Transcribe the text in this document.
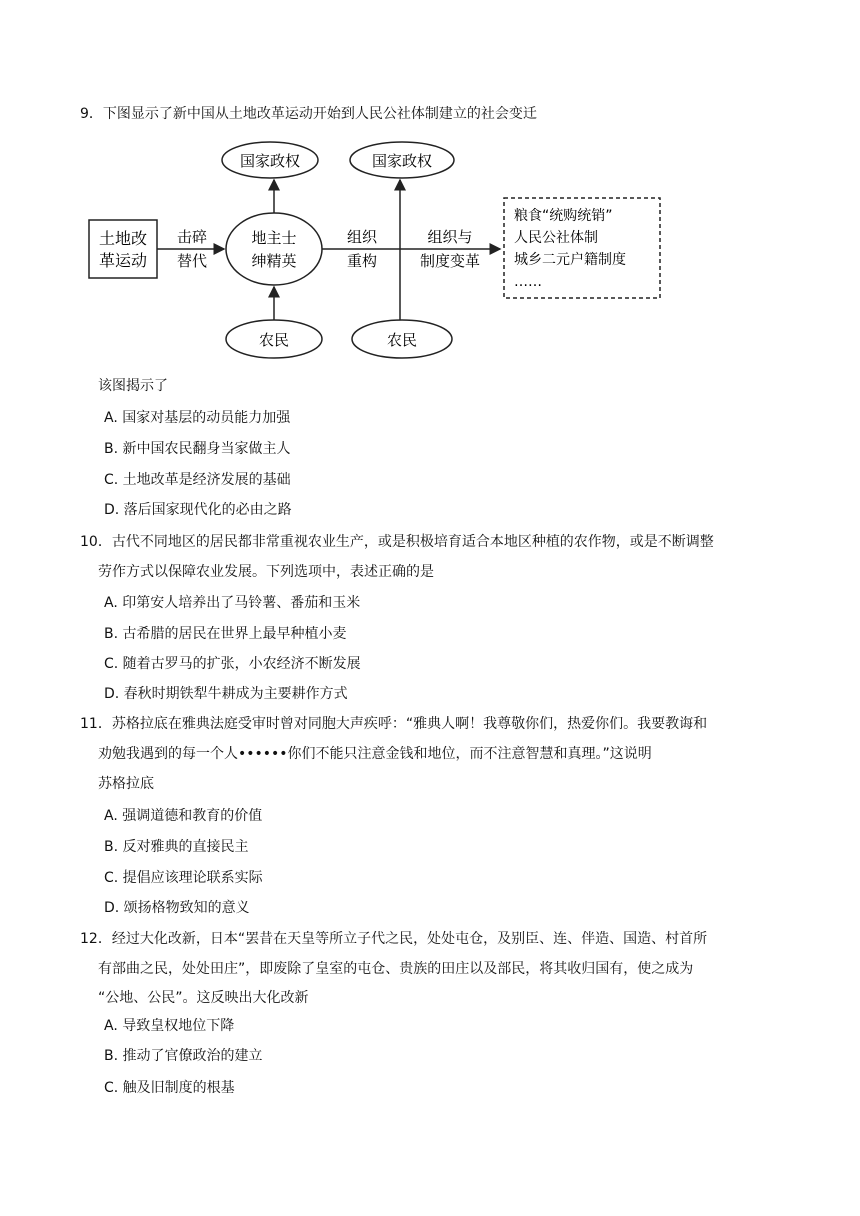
9．下图显示了新中国从土地改革运动开始到人民公社体制建立的社会变迁
土地改
革运动
击碎
替代
地主士
绅精英
国家政权
农民
组织
重构
组织与
制度变革
国家政权
农民
粮食“统购统销”
人民公社体制
城乡二元户籍制度
……
该图揭示了
A. 国家对基层的动员能力加强
B. 新中国农民翻身当家做主人
C. 土地改革是经济发展的基础
D. 落后国家现代化的必由之路
10．古代不同地区的居民都非常重视农业生产，或是积极培育适合本地区种植的农作物，或是不断调整
劳作方式以保障农业发展。下列选项中，表述正确的是
A. 印第安人培养出了马铃薯、番茄和玉米
B. 古希腊的居民在世界上最早种植小麦
C. 随着古罗马的扩张，小农经济不断发展
D. 春秋时期铁犁牛耕成为主要耕作方式
11．苏格拉底在雅典法庭受审时曾对同胞大声疾呼：“雅典人啊！我尊敬你们，热爱你们。我要教诲和
劝勉我遇到的每一个人••••••你们不能只注意金钱和地位，而不注意智慧和真理。”这说明
苏格拉底
A. 强调道德和教育的价值
B. 反对雅典的直接民主
C. 提倡应该理论联系实际
D. 颂扬格物致知的意义
12．经过大化改新，日本“罢昔在天皇等所立子代之民，处处屯仓，及别臣、连、伴造、国造、村首所
有部曲之民，处处田庄”，即废除了皇室的屯仓、贵族的田庄以及部民，将其收归国有，使之成为
“公地、公民”。这反映出大化改新
A. 导致皇权地位下降
B. 推动了官僚政治的建立
C. 触及旧制度的根基
